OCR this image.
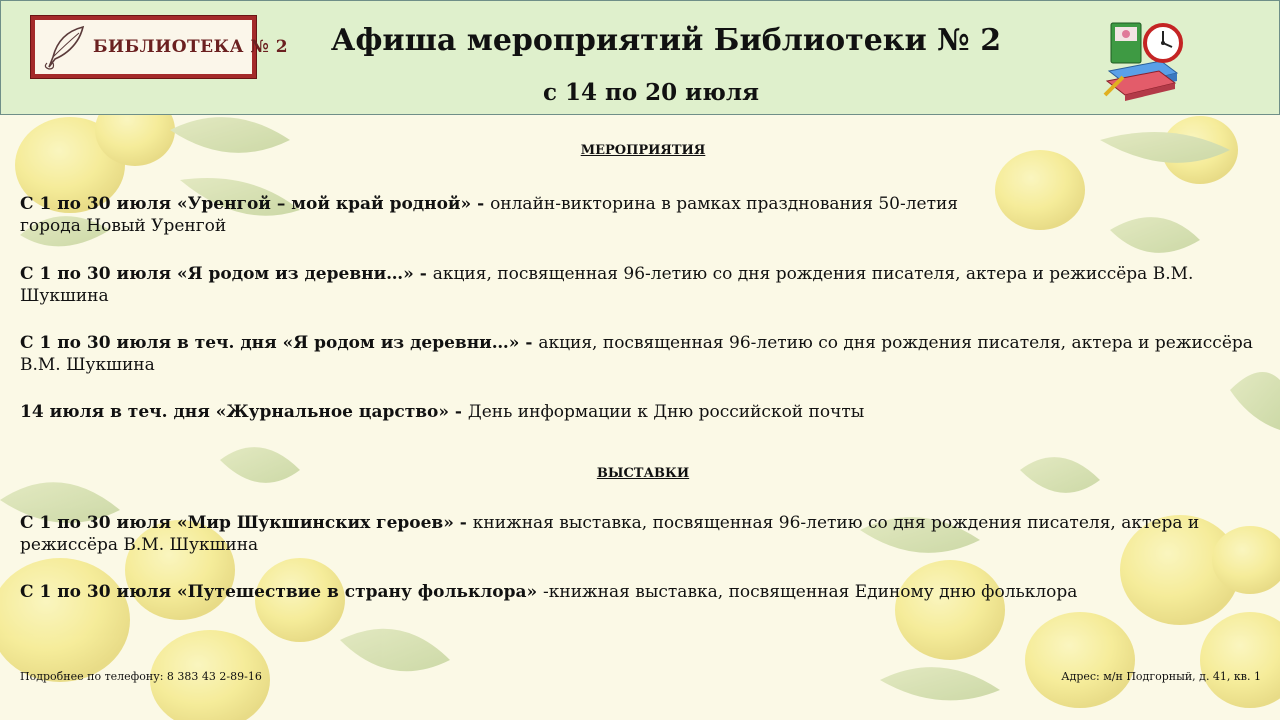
БИБЛИОТЕКА № 2	Афиша мероприятий Библиотеки № 2
с 14 по 20 июля

МЕРОПРИЯТИЯ

С 1 по 30 июля «Уренгой – мой край родной» - онлайн-викторина в рамках празднования 50-летия
города Новый Уренгой

С 1 по 30 июля «Я родом из деревни…» - акция, посвященная 96-летию со дня рождения писателя, актера и режиссёра В.М. Шукшина

С 1 по 30 июля в теч. дня «Я родом из деревни…» - акция, посвященная 96-летию со дня рождения писателя, актера и режиссёра В.М. Шукшина

14 июля в теч. дня «Журнальное царство» - День информации к Дню российской почты

ВЫСТАВКИ

С 1 по 30 июля «Мир Шукшинских героев» - книжная выставка, посвященная 96-летию со дня рождения писателя, актера и режиссёра В.М. Шукшина

С 1 по 30 июля «Путешествие в страну фольклора» -книжная выставка, посвященная Единому дню фольклора

Подробнее по телефону: 8 383 43 2-89-16	Адрес: м/н Подгорный, д. 41, кв. 1
